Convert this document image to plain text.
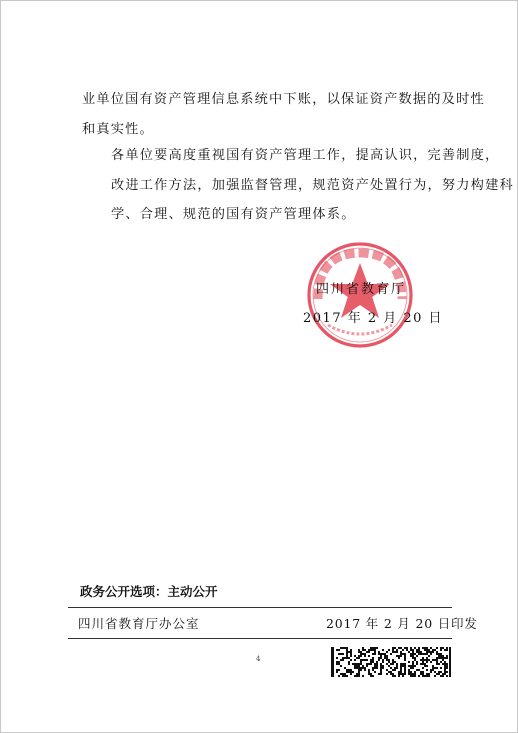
业单位国有资产管理信息系统中下账，以保证资产数据的及时性
和真实性。
各单位要高度重视国有资产管理工作，提高认识，完善制度，
改进工作方法，加强监督管理，规范资产处置行为，努力构建科
学、合理、规范的国有资产管理体系。
四川省教育厅
2017 年 2 月 20 日
政务公开选项：主动公开
四川省教育厅办公室	2017 年 2 月 20 日印发
4
